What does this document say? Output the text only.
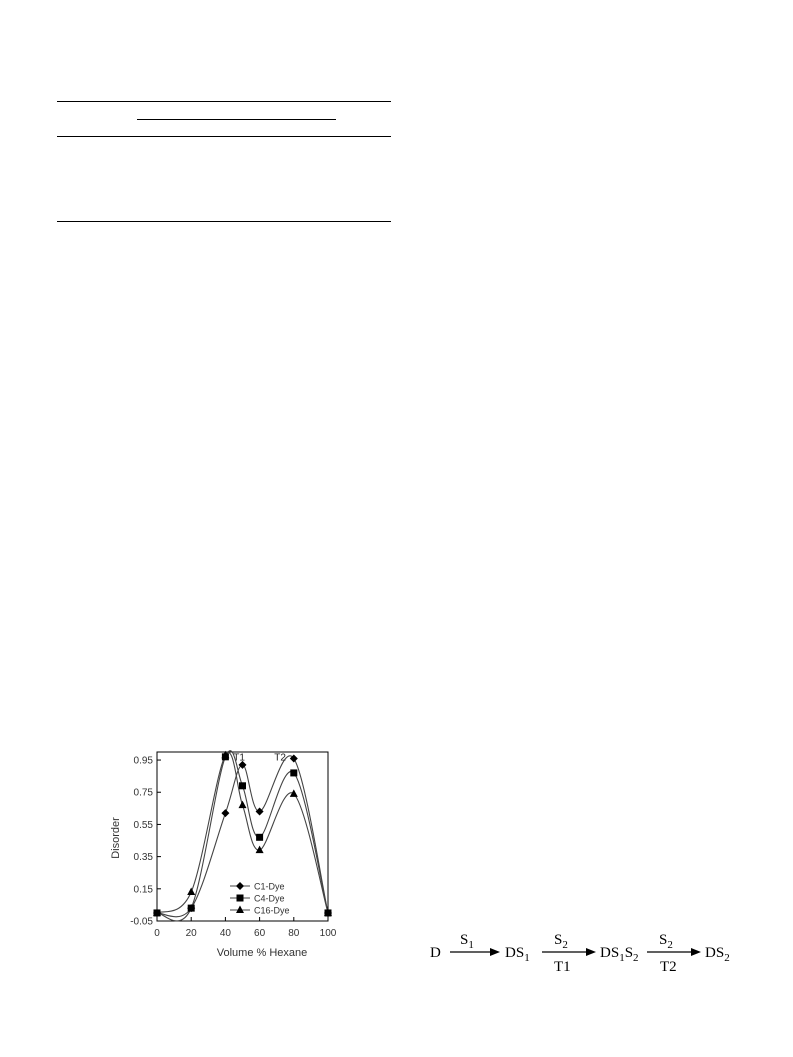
-0.05
0.15
0.35
0.55
0.75
0.95
0	20 40 60 80 100
T1	T2
C1-Dye
C4-Dye
C16-Dye
Volume % Hexane
Disorder
D
$S_1$ $DS_1$
$S_2$
T1
$DS_1S_2$
$S_2$
T2
$DS_2$
